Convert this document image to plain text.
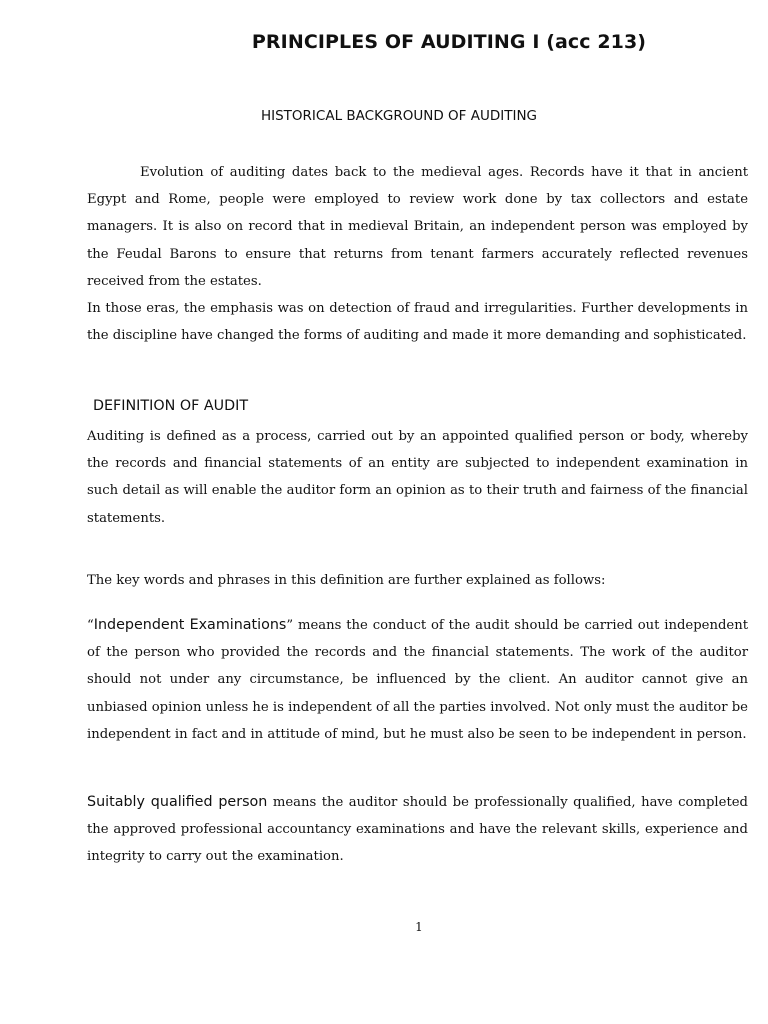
PRINCIPLES OF AUDITING I (acc 213)
HISTORICAL BACKGROUND OF AUDITING

Evolution of auditing dates back to the medieval ages. Records have it that in ancient Egypt and Rome, people were employed to review work done by tax collectors and estate managers. It is also on record that in medieval Britain, an independent person was employed by the Feudal Barons to ensure that returns from tenant farmers accurately reflected revenues received from the estates.

In those eras, the emphasis was on detection of fraud and irregularities. Further developments in the discipline have changed the forms of auditing and made it more demanding and sophisticated.

DEFINITION OF AUDIT

Auditing is defined as a process, carried out by an appointed qualified person or body, whereby the records and financial statements of an entity are subjected to independent examination in such detail as will enable the auditor form an opinion as to their truth and fairness of the financial statements.

The key words and phrases in this definition are further explained as follows:

“Independent Examinations” means the conduct of the audit should be carried out independent of the person who provided the records and the financial statements. The work of the auditor should not under any circumstance, be influenced by the client. An auditor cannot give an unbiased opinion unless he is independent of all the parties involved. Not only must the auditor be independent in fact and in attitude of mind, but he must also be seen to be independent in person.

Suitably qualified person means the auditor should be professionally qualified, have completed the approved professional accountancy examinations and have the relevant skills, experience and integrity to carry out the examination.

1
